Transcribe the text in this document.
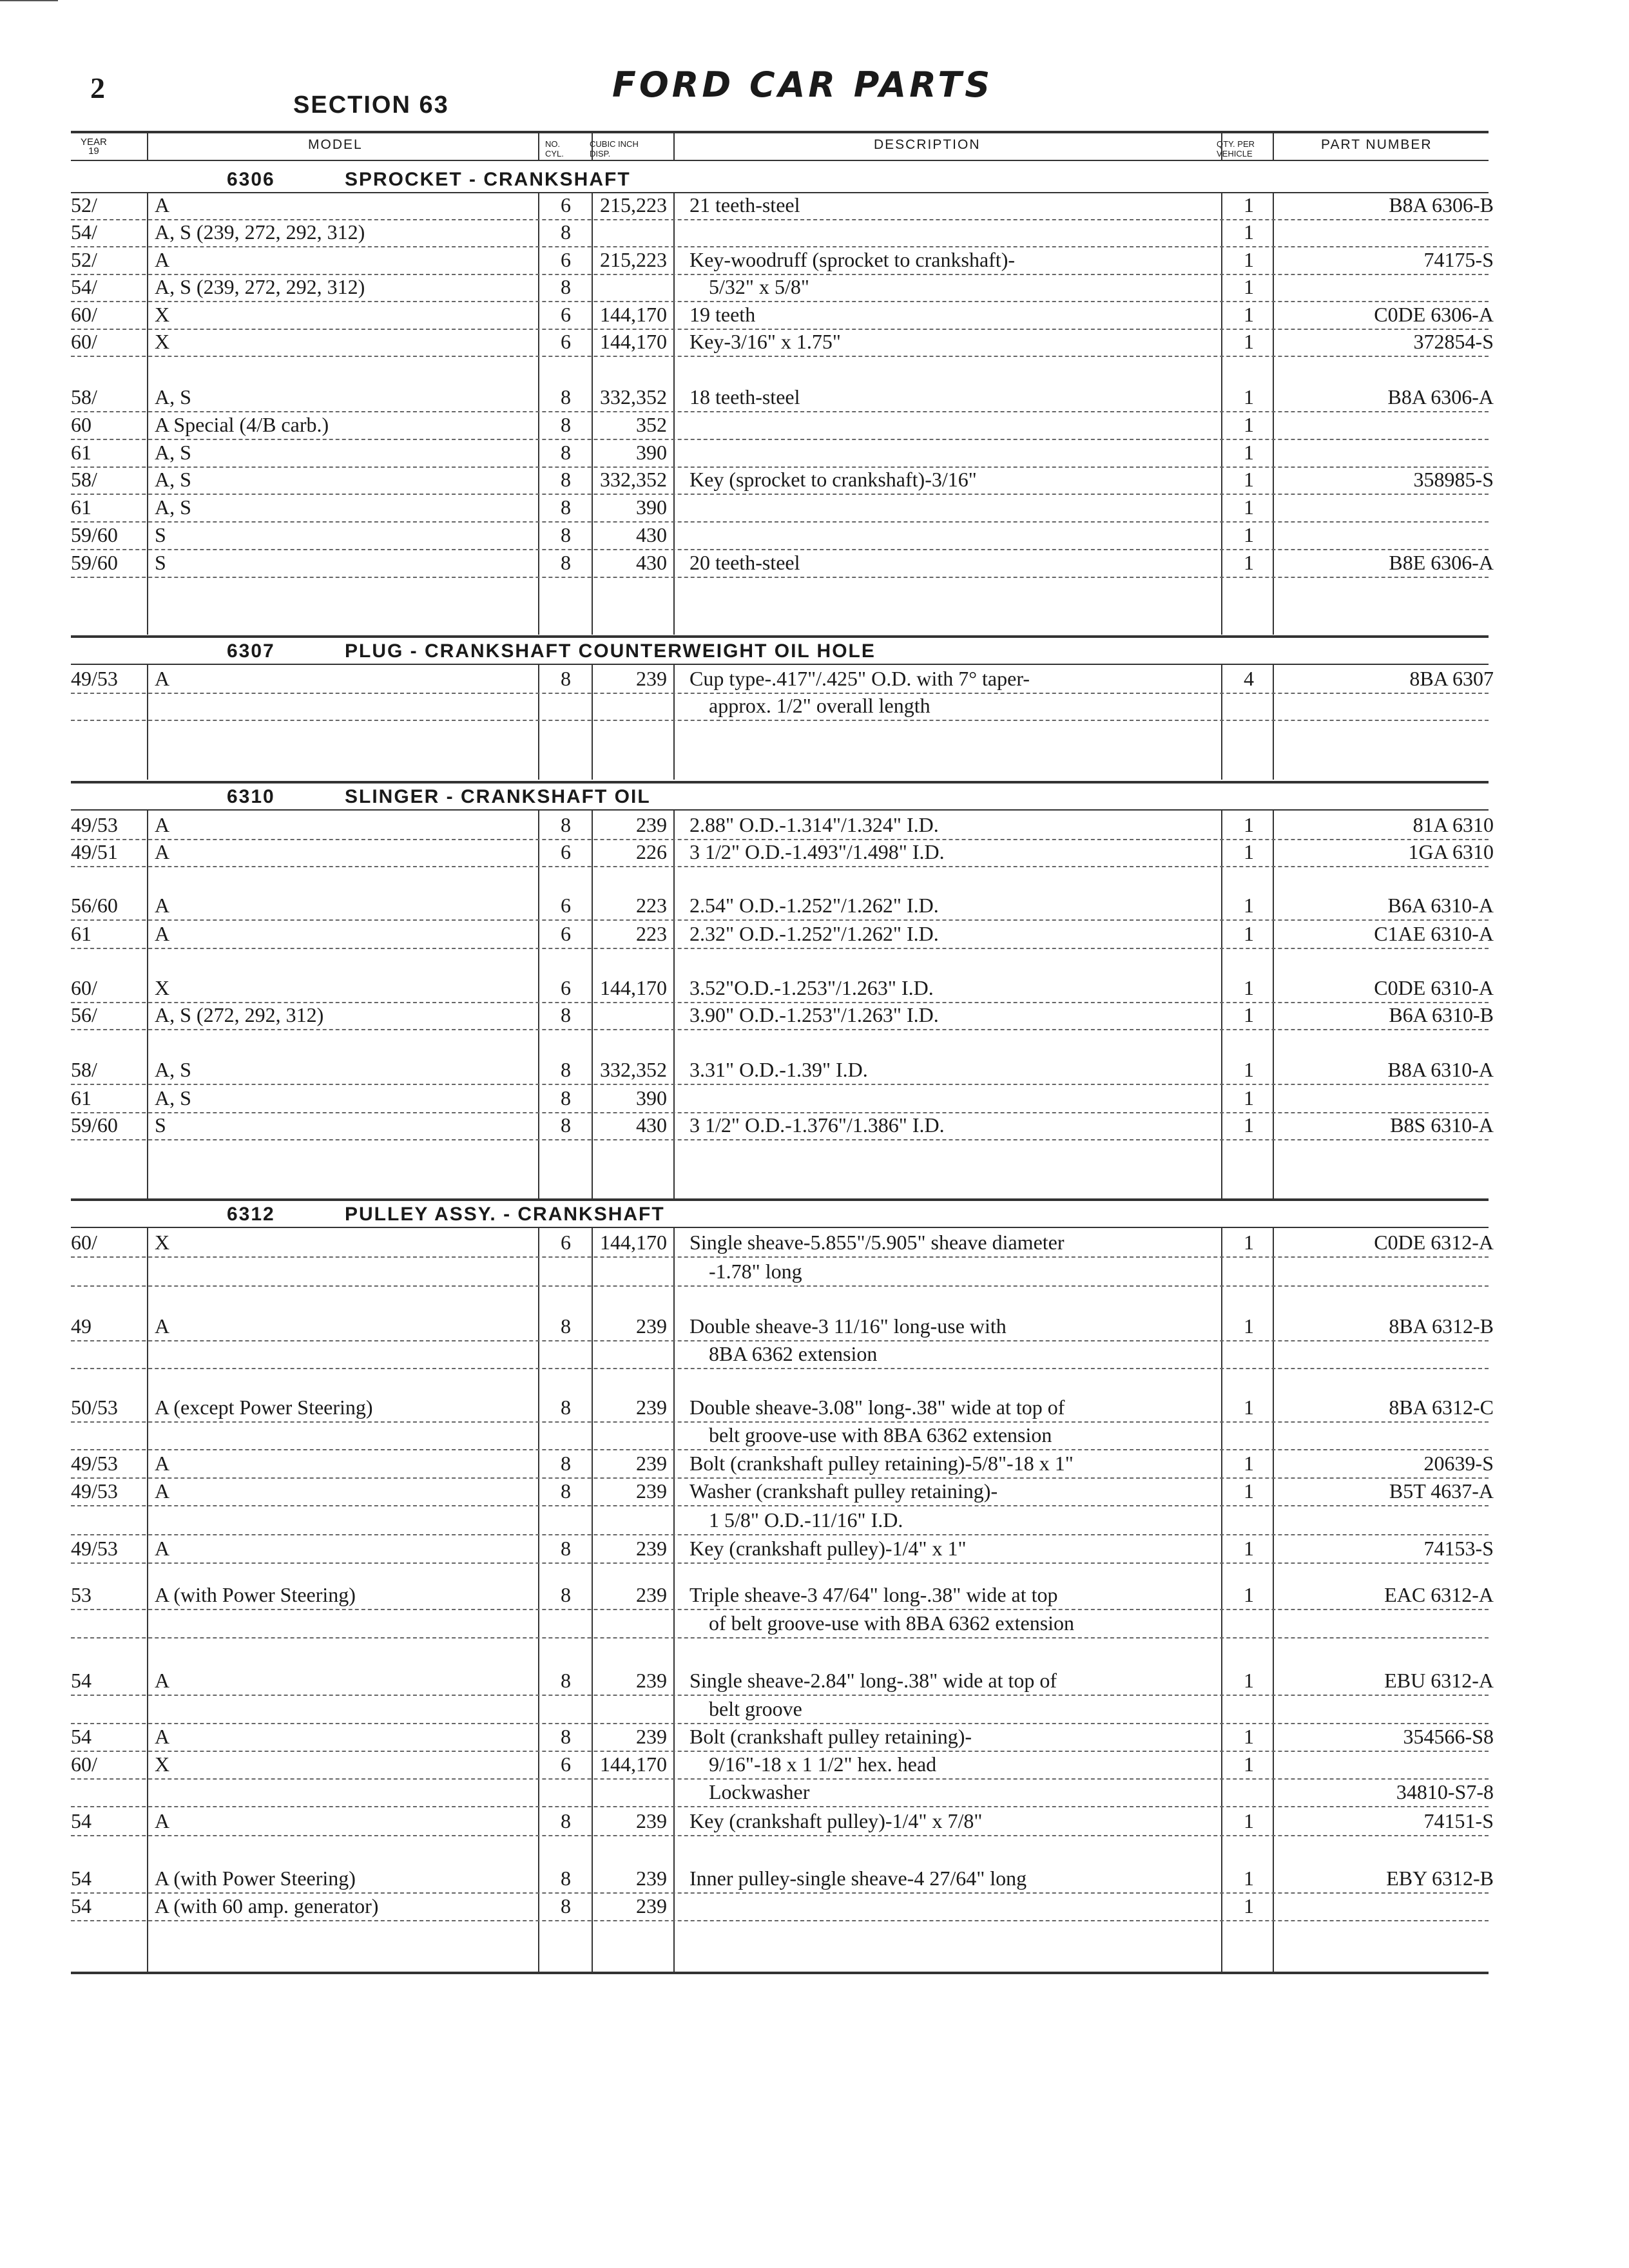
2
SECTION 63	FORD CAR PARTS
YEAR
19	MODEL	NO.
CYL.
CUBIC INCH
DISP.
DESCRIPTION	QTY. PER
VEHICLE
PART NUMBER
6306	SPROCKET - CRANKSHAFT
52/	A	6 215,223 21 teeth-steel	1	B8A 6306-B
54/	A, S (239, 272, 292, 312)	8	1
52/	A	6 215,223 Key-woodruff (sprocket to crankshaft)-	1	74175-S
54/	A, S (239, 272, 292, 312)	8	5/32" x 5/8"	1
60/	X	6 144,170 19 teeth	1	C0DE 6306-A
60/	X	6 144,170 Key-3/16" x 1.75"	1	372854-S
58/	A, S	8 332,352 18 teeth-steel	1	B8A 6306-A
60	A Special (4/B carb.)	8	352	1
61	A, S	8	390	1
58/	A, S	8 332,352 Key (sprocket to crankshaft)-3/16"	1	358985-S
61	A, S	8	390	1
59/60 S	8	430	1
59/60 S	8	430 20 teeth-steel	1	B8E 6306-A
6307	PLUG - CRANKSHAFT COUNTERWEIGHT OIL HOLE
49/53 A	8	239 Cup type-.417"/.425" O.D. with 7° taper-	4	8BA 6307
approx. 1/2" overall length
6310	SLINGER - CRANKSHAFT OIL
49/53 A	8	239 2.88" O.D.-1.314"/1.324" I.D.	1	81A 6310
49/51 A	6	226 3 1/2" O.D.-1.493"/1.498" I.D.	1	1GA 6310
56/60 A	6	223 2.54" O.D.-1.252"/1.262" I.D.	1	B6A 6310-A
61	A	6	223 2.32" O.D.-1.252"/1.262" I.D.	1	C1AE 6310-A
60/	X	6 144,170 3.52"O.D.-1.253"/1.263" I.D.	1	C0DE 6310-A
56/	A, S (272, 292, 312)	8	3.90" O.D.-1.253"/1.263" I.D.	1	B6A 6310-B
58/	A, S	8 332,352 3.31" O.D.-1.39" I.D.	1	B8A 6310-A
61	A, S	8	390	1
59/60 S	8	430 3 1/2" O.D.-1.376"/1.386" I.D.	1	B8S 6310-A
6312	PULLEY ASSY. - CRANKSHAFT
60/	X	6 144,170 Single sheave-5.855"/5.905" sheave diameter	1	C0DE 6312-A
-1.78" long
49	A	8	239 Double sheave-3 11/16" long-use with	1	8BA 6312-B
8BA 6362 extension
50/53 A (except Power Steering)	8	239 Double sheave-3.08" long-.38" wide at top of	1	8BA 6312-C
belt groove-use with 8BA 6362 extension
49/53 A	8	239 Bolt (crankshaft pulley retaining)-5/8"-18 x 1"	1	20639-S
49/53 A	8	239 Washer (crankshaft pulley retaining)-	1	B5T 4637-A
1 5/8" O.D.-11/16" I.D.
49/53 A	8	239 Key (crankshaft pulley)-1/4" x 1"	1	74153-S
53	A (with Power Steering)	8	239 Triple sheave-3 47/64" long-.38" wide at top	1	EAC 6312-A
of belt groove-use with 8BA 6362 extension
54	A	8	239 Single sheave-2.84" long-.38" wide at top of	1	EBU 6312-A
belt groove
54	A	8	239 Bolt (crankshaft pulley retaining)-	1	354566-S8
60/	X	6 144,170 9/16"-18 x 1 1/2" hex. head	1
Lockwasher	34810-S7-8
54	A	8	239 Key (crankshaft pulley)-1/4" x 7/8"	1	74151-S
54	A (with Power Steering)	8	239 Inner pulley-single sheave-4 27/64" long	1	EBY 6312-B
54	A (with 60 amp. generator)	8	239	1
